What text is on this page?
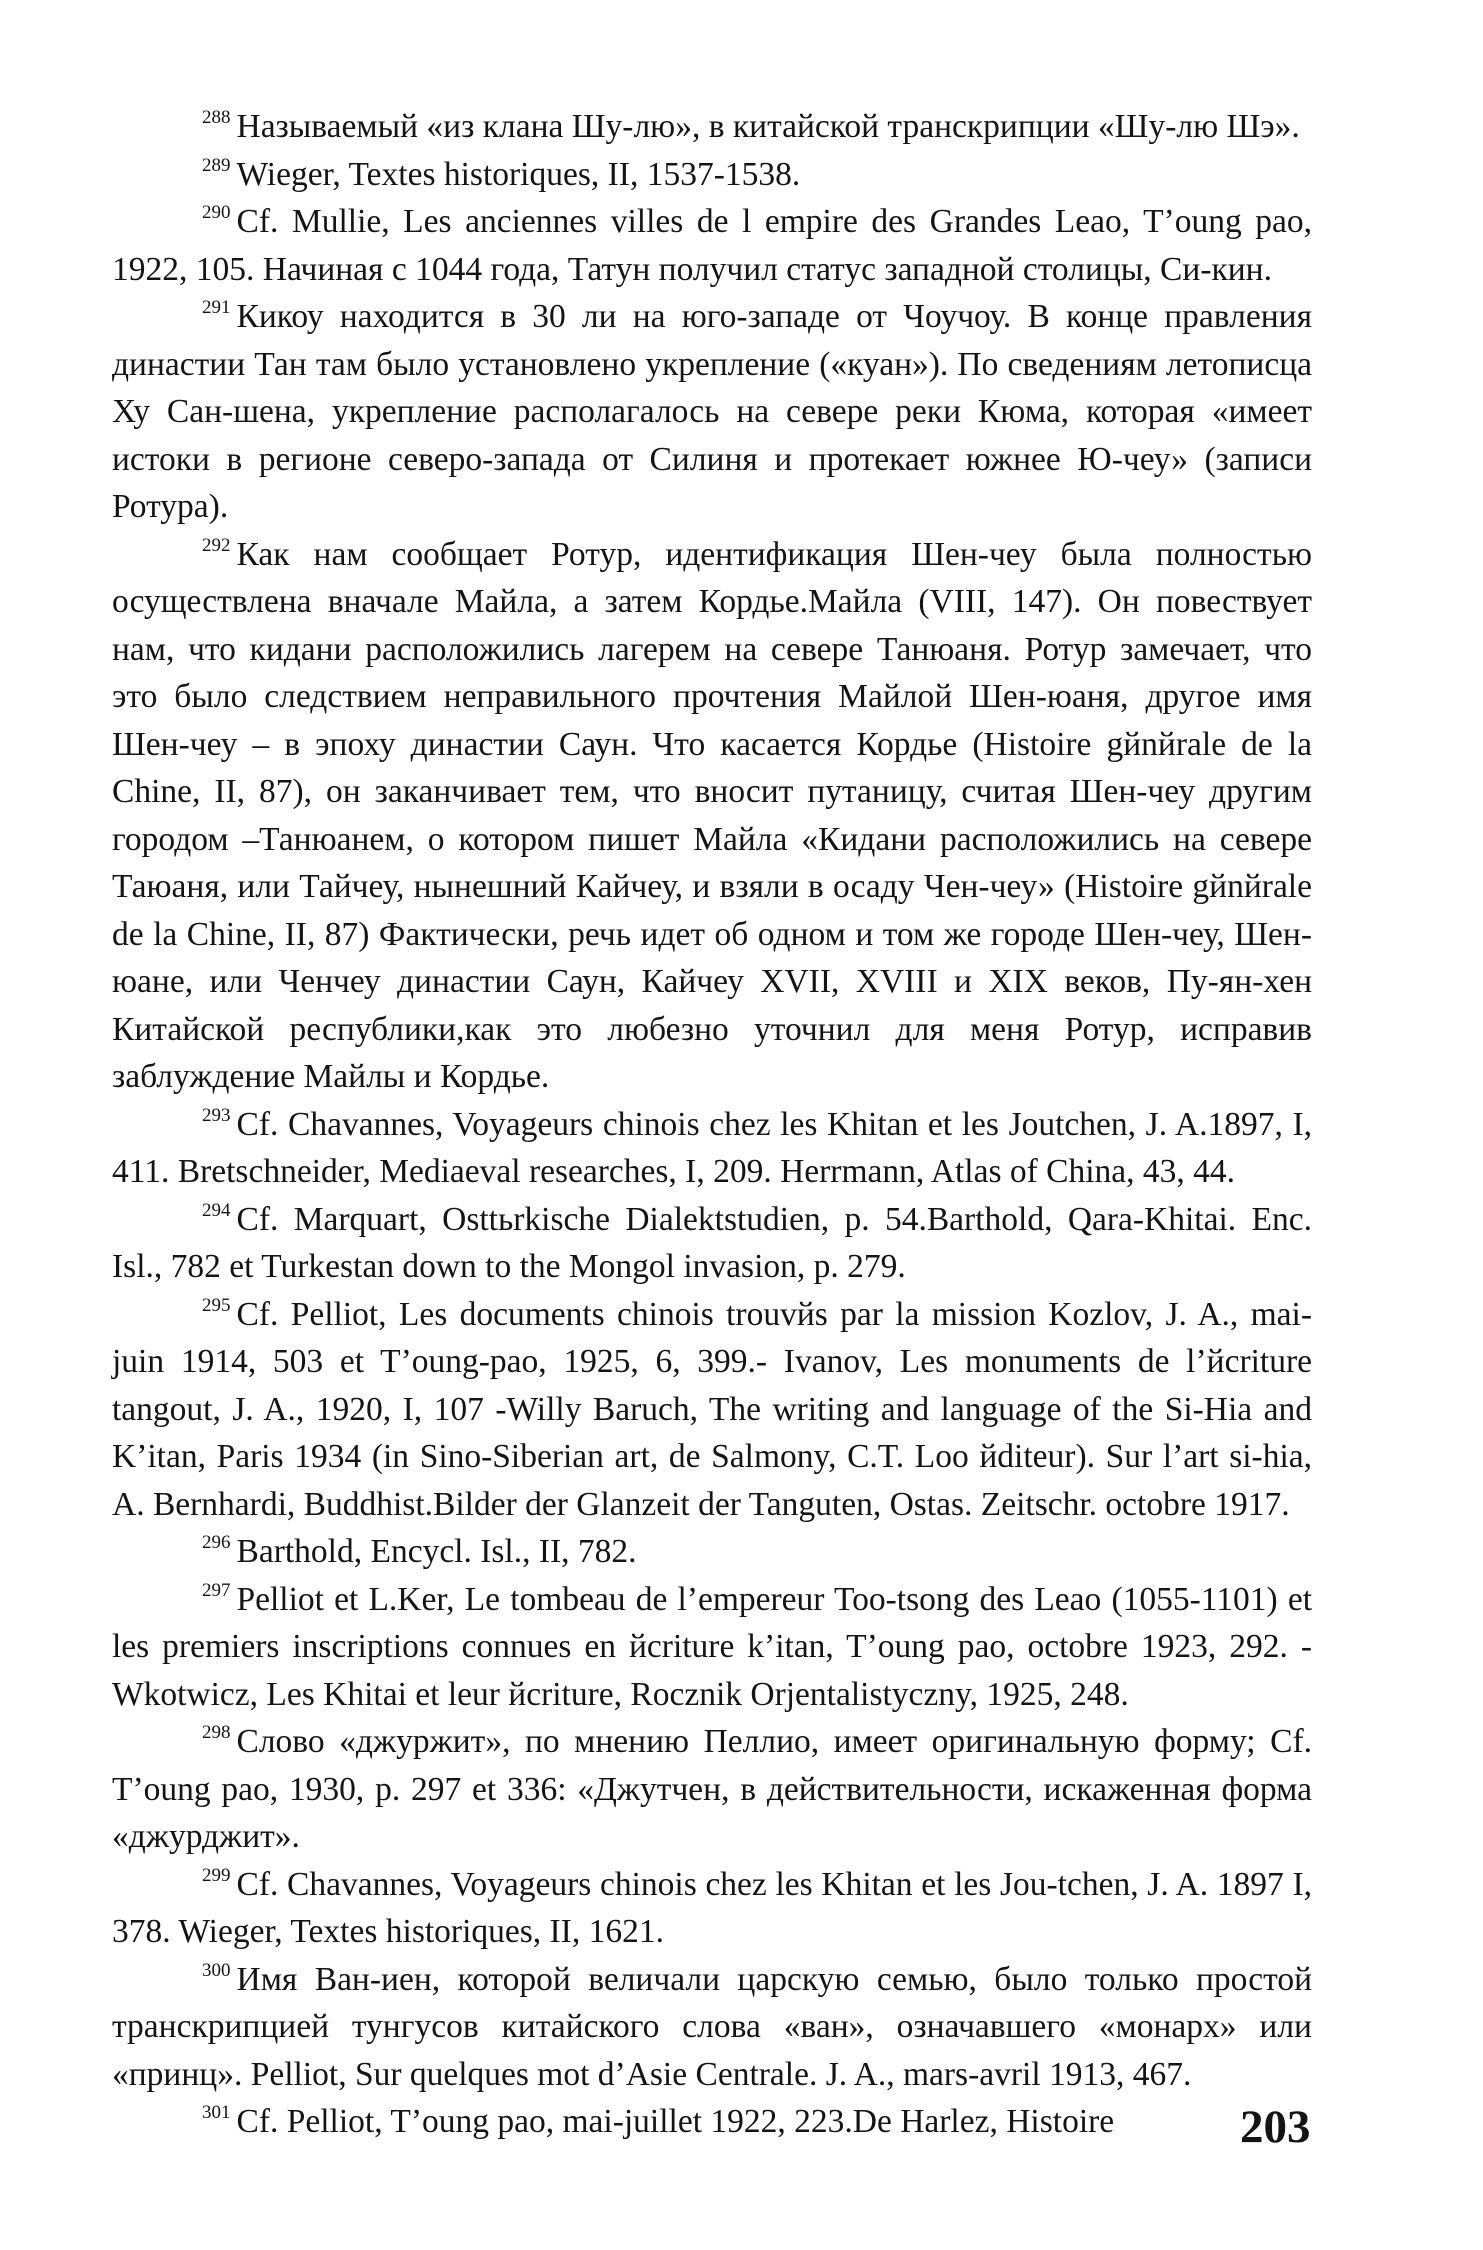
$^{288}$ Называемый «из клана Шу-лю», в китайской транскрипции «Шу-лю Шэ».

$^{289}$ Wieger, Textes historiques, II, 1537-1538.

$^{290}$ Cf. Mullie, Les anciennes villes de l empire des Grandes Leao, T’oung pao, 1922, 105. Начиная с 1044 года, Татун получил статус западной столицы, Си-кин.

$^{291}$ Кикоу находится в 30 ли на юго-западе от Чоучоу. В конце правления династии Тан там было установлено укрепление («куан»). По сведениям летописца Ху Сан-шена, укрепление располагалось на севере реки Кюма, которая «имеет истоки в регионе северо-запада от Силиня и протекает южнее Ю-чеу» (записи Ротура).

$^{292}$ Как нам сообщает Ротур, идентификация Шен-чеу была полностью осуществлена вначале Майла, а затем Кордье.Майла (VIII, 147). Он повествует нам, что кидани расположились лагерем на севере Танюаня. Ротур замечает, что это было следствием неправильного прочтения Майлой Шен-юаня, другое имя Шен-чеу – в эпоху династии Саун. Что касается Кордье (Histoire gйnйrale de la Chine, II, 87), он заканчивает тем, что вносит путаницу, считая Шен-чеу другим городом –Танюанем, о котором пишет Майла «Кидани расположились на севере Таюаня, или Тайчеу, нынешний Кайчеу, и взяли в осаду Чен-чеу» (Histoire gйnйrale de la Chine, II, 87) Фактически, речь идет об одном и том же городе Шен-чеу, Шен-юане, или Ченчеу династии Саун, Кайчеу XVII, XVIII и XIX веков, Пу-ян-хен Китайской республики,как это любезно уточнил для меня Ротур, исправив заблуждение Майлы и Кордье.

$^{293}$ Cf. Chavannes, Voyageurs chinois chez les Khitan et les Joutchen, J. A.1897, I, 411. Bretschneider, Mediaeval researches, I, 209. Herrmann, Atlas of China, 43, 44.

$^{294}$ Cf. Marquart, Osttьrkische Dialektstudien, p. 54.Barthold, Qara-Khitai. Enc. Isl., 782 et Turkestan down to the Mongol invasion, p. 279.

$^{295}$ Cf. Pelliot, Les documents chinois trouvйs par la mission Kozlov, J. A., mai-juin 1914, 503 et T’oung-pao, 1925, 6, 399.- Ivanov, Les monuments de l’йcriture tangout, J. A., 1920, I, 107 -Willy Baruch, The writing and language of the Si-Hia and K’itan, Paris 1934 (in Sino-Siberian art, de Salmony, C.T. Loo йditeur). Sur l’art si-hia, A. Bernhardi, Buddhist.Bilder der Glanzeit der Tanguten, Ostas. Zeitschr. octobre 1917.

$^{296}$ Barthold, Encycl. Isl., II, 782.

$^{297}$ Pelliot et L.Ker, Le tombeau de l’empereur Too-tsong des Leao (1055-1101) et les premiers inscriptions connues en йcriture k’itan, T’oung pao, octobre 1923, 292. -Wkotwicz, Les Khitai et leur йcriture, Rocznik Orjentalistyczny, 1925, 248.

$^{298}$ Слово «джуржит», по мнению Пеллио, имеет оригинальную форму; Cf. T’oung pao, 1930, p. 297 et 336: «Джутчен, в действительности, искаженная форма «джурджит».

$^{299}$ Cf. Chavannes, Voyageurs chinois chez les Khitan et les Jou-tchen, J. A. 1897 I, 378. Wieger, Textes historiques, II, 1621.

$^{300}$ Имя Ван-иен, которой величали царскую семью, было только простой транскрипцией тунгусов китайского слова «ван», означавшего «монарх» или «принц». Pelliot, Sur quelques mot d’Asie Centrale. J. A., mars-avril 1913, 467.

$^{301}$ Cf. Pelliot, T’oung pao, mai-juillet 1922, 223.De Harlez, Histoire	203
